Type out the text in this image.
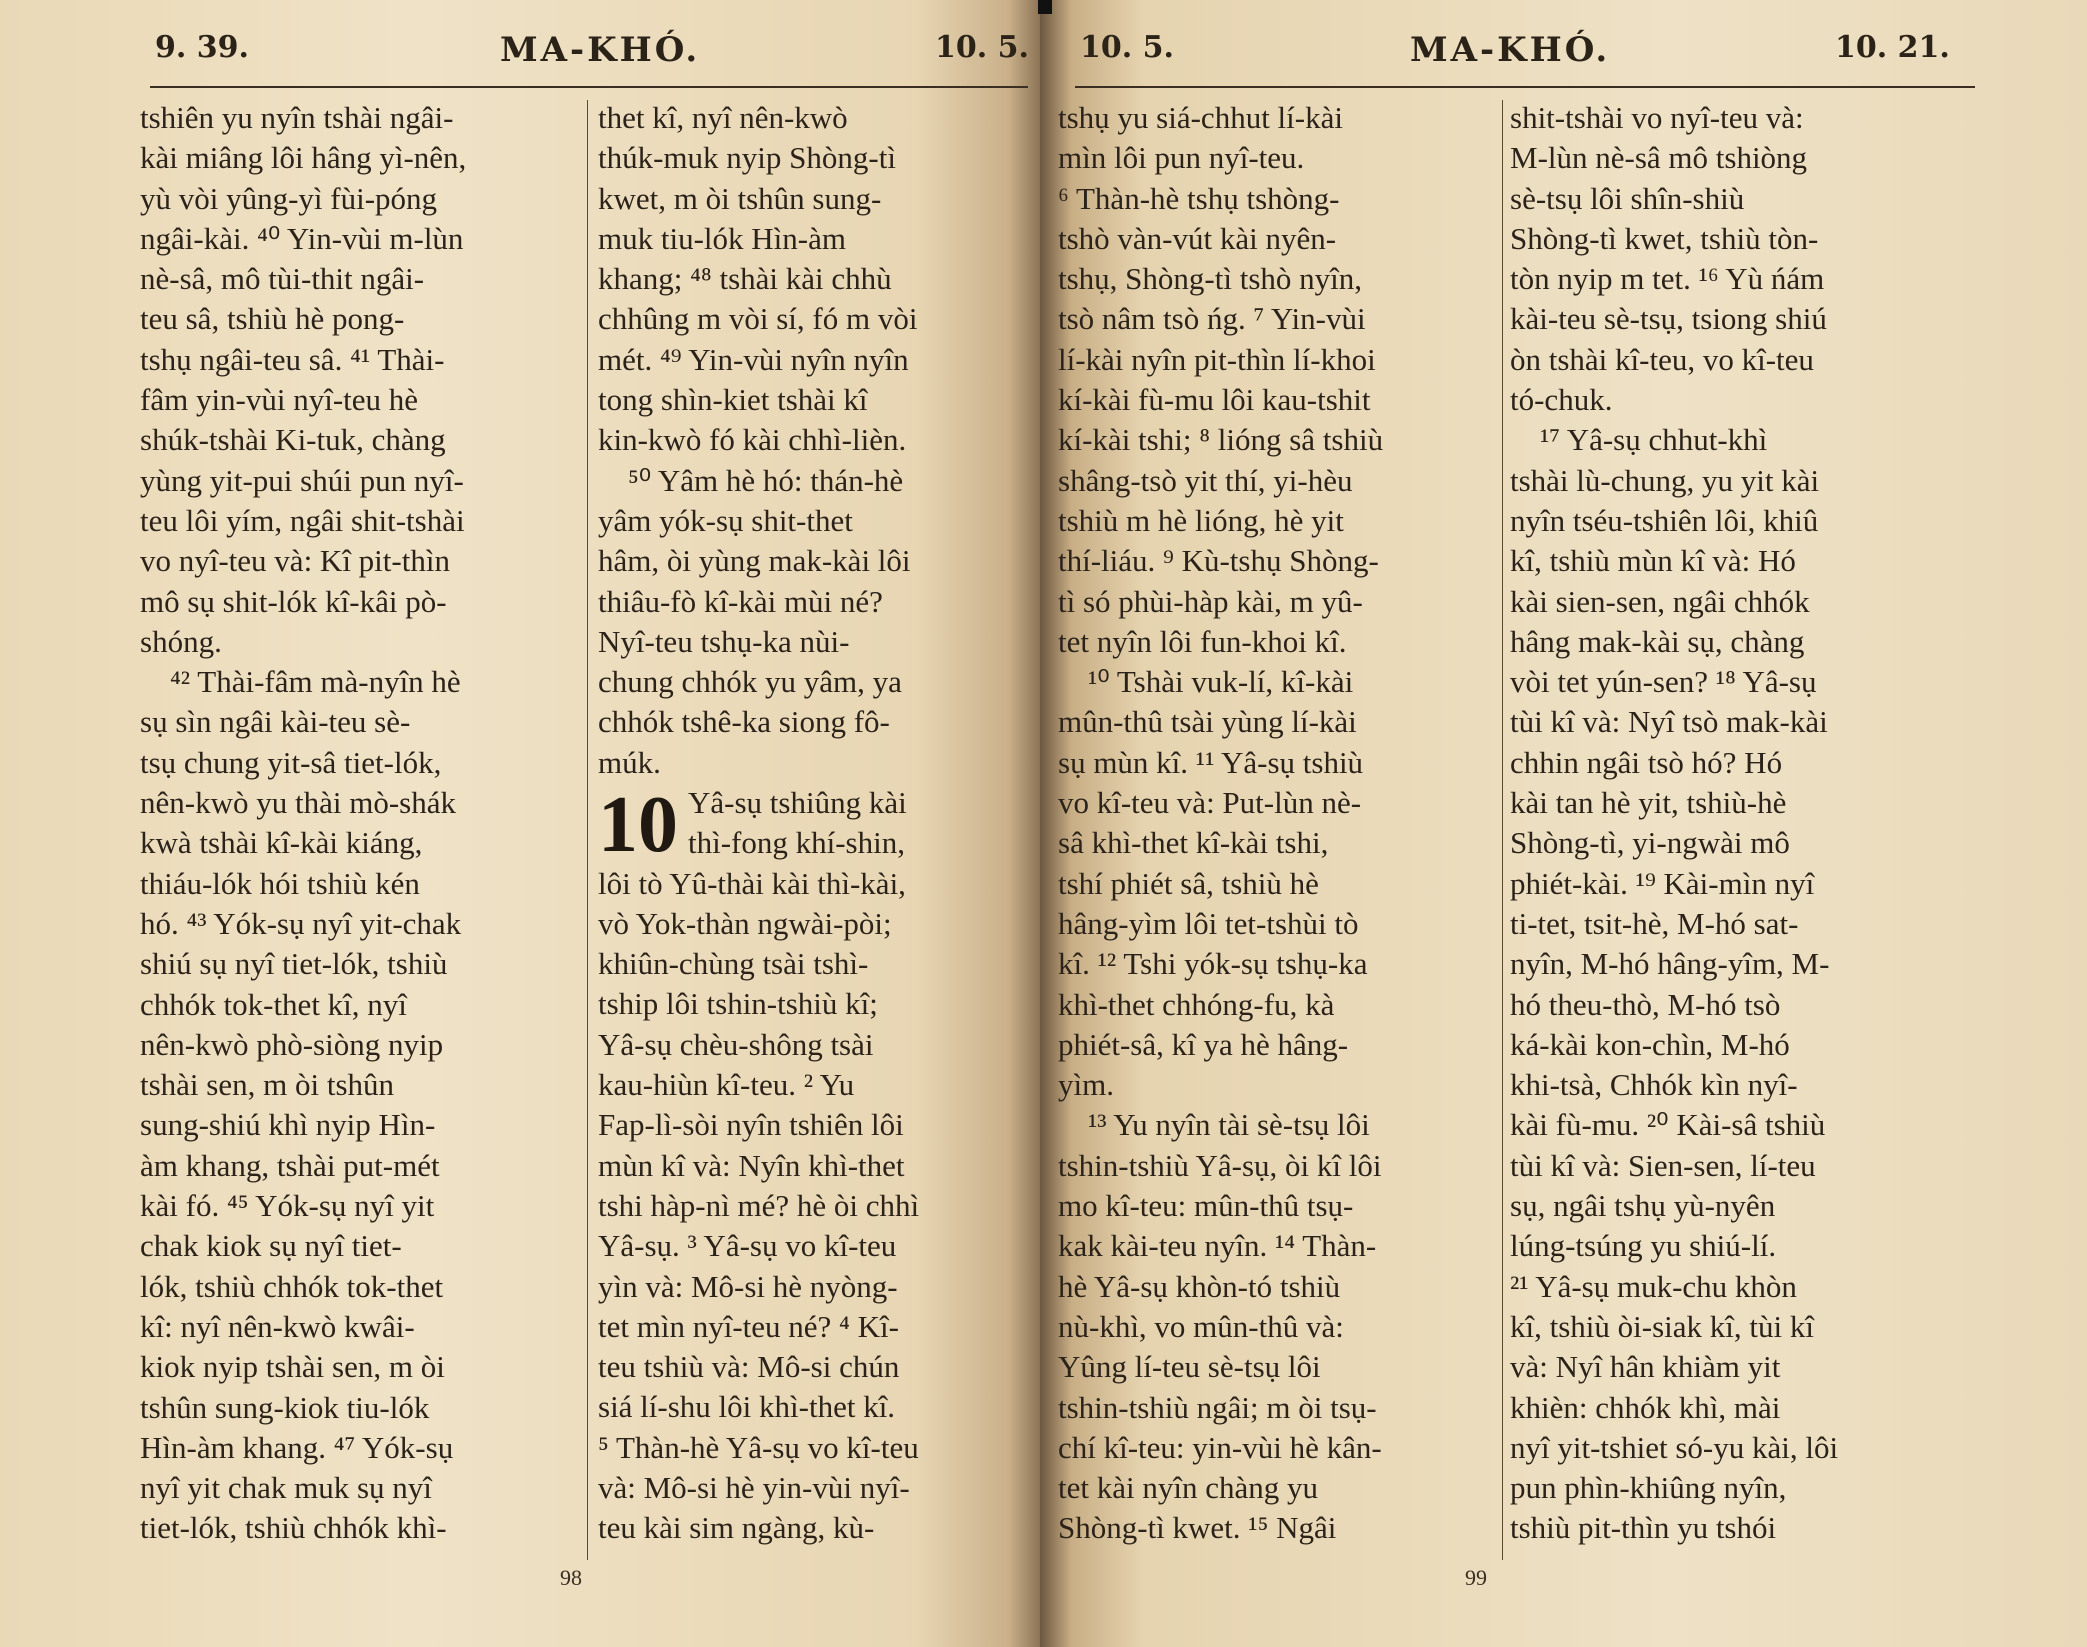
9. 39.	MA-KHÓ.	10. 5.
tshiên yu nyîn tshài ngâi-
kài miâng lôi hâng yì-nên,
yù vòi yûng-yì fùi-póng
ngâi-kài. ⁴⁰ Yin-vùi m-lùn
nè-sâ, mô tùi-thit ngâi-
teu sâ, tshiù hè pong-
tshụ ngâi-teu sâ. ⁴¹ Thài-
fâm yin-vùi nyî-teu hè
shúk-tshài Ki-tuk, chàng
yùng yit-pui shúi pun nyî-
teu lôi yím, ngâi shit-tshài
vo nyî-teu và: Kî pit-thìn
mô sụ shit-lók kî-kâi pò-
shóng.
⁴² Thài-fâm mà-nyîn hè
sụ sìn ngâi kài-teu sè-
tsụ chung yit-sâ tiet-lók,
nên-kwò yu thài mò-shák
kwà tshài kî-kài kiáng,
thiáu-lók hói tshiù kén
hó. ⁴³ Yók-sụ nyî yit-chak
shiú sụ nyî tiet-lók, tshiù
chhók tok-thet kî, nyî
nên-kwò phò-siòng nyip
tshài sen, m òi tshûn
sung-shiú khì nyip Hìn-
àm khang, tshài put-mét
kài fó. ⁴⁵ Yók-sụ nyî yit
chak kiok sụ nyî tiet-
lók, tshiù chhók tok-thet
kî: nyî nên-kwò kwâi-
kiok nyip tshài sen, m òi
tshûn sung-kiok tiu-lók
Hìn-àm khang. ⁴⁷ Yók-sụ
nyî yit chak muk sụ nyî
tiet-lók, tshiù chhók khì-
thet kî, nyî nên-kwò
thúk-muk nyip Shòng-tì
kwet, m òi tshûn sung-
muk tiu-lók Hìn-àm
khang; ⁴⁸ tshài kài chhù
chhûng m vòi sí, fó m vòi
mét. ⁴⁹ Yin-vùi nyîn nyîn
tong shìn-kiet tshài kî
kin-kwò fó kài chhì-lièn.
⁵⁰ Yâm hè hó: thán-hè
yâm yók-sụ shit-thet
hâm, òi yùng mak-kài lôi
thiâu-fò kî-kài mùi né?
Nyî-teu tshụ-ka nùi-
chung chhók yu yâm, ya
chhók tshê-ka siong fô-
múk.
10 Yâ-sụ tshiûng kài
thì-fong khí-shin,
lôi tò Yû-thài kài thì-kài,
vò Yok-thàn ngwài-pòi;
khiûn-chùng tsài tshì-
tship lôi tshin-tshiù kî;
Yâ-sụ chèu-shông tsài
kau-hiùn kî-teu. ² Yu
Fap-lì-sòi nyîn tshiên lôi
mùn kî và: Nyîn khì-thet
tshi hàp-nì mé? hè òi chhì
Yâ-sụ. ³ Yâ-sụ vo kî-teu
yìn và: Mô-si hè nyòng-
tet mìn nyî-teu né? ⁴ Kî-
teu tshiù và: Mô-si chún
siá lí-shu lôi khì-thet kî.
⁵ Thàn-hè Yâ-sụ vo kî-teu
và: Mô-si hè yin-vùi nyî-
teu kài sim ngàng, kù-
98
10. 5.	MA-KHÓ.	10. 21.
tshụ yu siá-chhut lí-kài
mìn lôi pun nyî-teu.
⁶ Thàn-hè tshụ tshòng-
tshò vàn-vút kài nyên-
tshụ, Shòng-tì tshò nyîn,
tsò nâm tsò ńg. ⁷ Yin-vùi
lí-kài nyîn pit-thìn lí-khoi
kí-kài fù-mu lôi kau-tshit
kí-kài tshi; ⁸ lióng sâ tshiù
shâng-tsò yit thí, yi-hèu
tshiù m hè lióng, hè yit
thí-liáu. ⁹ Kù-tshụ Shòng-
tì só phùi-hàp kài, m yû-
tet nyîn lôi fun-khoi kî.
¹⁰ Tshài vuk-lí, kî-kài
mûn-thû tsài yùng lí-kài
sụ mùn kî. ¹¹ Yâ-sụ tshiù
vo kî-teu và: Put-lùn nè-
sâ khì-thet kî-kài tshi,
tshí phiét sâ, tshiù hè
hâng-yìm lôi tet-tshùi tò
kî. ¹² Tshi yók-sụ tshụ-ka
khì-thet chhóng-fu, kà
phiét-sâ, kî ya hè hâng-
yìm.
¹³ Yu nyîn tài sè-tsụ lôi
tshin-tshiù Yâ-sụ, òi kî lôi
mo kî-teu: mûn-thû tsụ-
kak kài-teu nyîn. ¹⁴ Thàn-
hè Yâ-sụ khòn-tó tshiù
nù-khì, vo mûn-thû và:
Yûng lí-teu sè-tsụ lôi
tshin-tshiù ngâi; m òi tsụ-
chí kî-teu: yin-vùi hè kân-
tet kài nyîn chàng yu
Shòng-tì kwet. ¹⁵ Ngâi
shit-tshài vo nyî-teu và:
M-lùn nè-sâ mô tshiòng
sè-tsụ lôi shîn-shiù
Shòng-tì kwet, tshiù tòn-
tòn nyip m tet. ¹⁶ Yù ńám
kài-teu sè-tsụ, tsiong shiú
òn tshài kî-teu, vo kî-teu
tó-chuk.
¹⁷ Yâ-sụ chhut-khì
tshài lù-chung, yu yit kài
nyîn tséu-tshiên lôi, khiû
kî, tshiù mùn kî và: Hó
kài sien-sen, ngâi chhók
hâng mak-kài sụ, chàng
vòi tet yún-sen? ¹⁸ Yâ-sụ
tùi kî và: Nyî tsò mak-kài
chhin ngâi tsò hó? Hó
kài tan hè yit, tshiù-hè
Shòng-tì, yi-ngwài mô
phiét-kài. ¹⁹ Kài-mìn nyî
ti-tet, tsit-hè, M-hó sat-
nyîn, M-hó hâng-yîm, M-
hó theu-thò, M-hó tsò
ká-kài kon-chìn, M-hó
khi-tsà, Chhók kìn nyî-
kài fù-mu. ²⁰ Kài-sâ tshiù
tùi kî và: Sien-sen, lí-teu
sụ, ngâi tshụ yù-nyên
lúng-tsúng yu shiú-lí.
²¹ Yâ-sụ muk-chu khòn
kî, tshiù òi-siak kî, tùi kî
và: Nyî hân khiàm yit
khièn: chhók khì, mài
nyî yit-tshiet só-yu kài, lôi
pun phìn-khiûng nyîn,
tshiù pit-thìn yu tshói
99
